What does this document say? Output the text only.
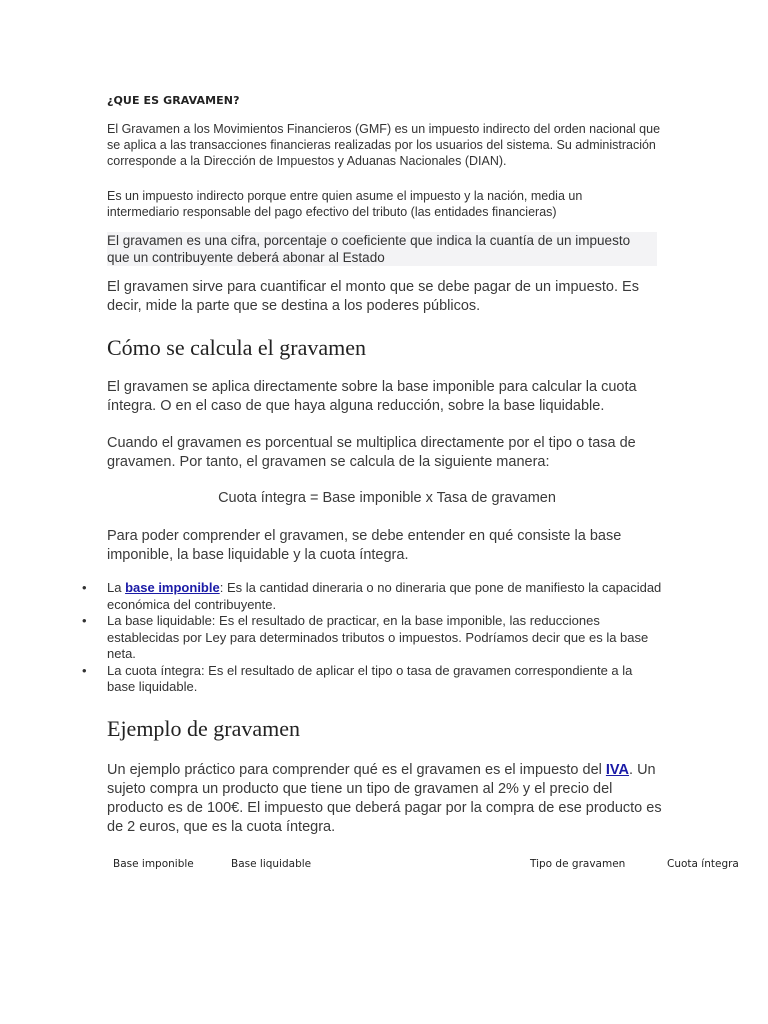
¿QUE ES GRAVAMEN?

El Gravamen a los Movimientos Financieros (GMF) es un impuesto indirecto del orden nacional que se aplica a las transacciones financieras realizadas por los usuarios del sistema. Su administración corresponde a la Dirección de Impuestos y Aduanas Nacionales (DIAN).

Es un impuesto indirecto porque entre quien asume el impuesto y la nación, media un intermediario responsable del pago efectivo del tributo (las entidades financieras)

El gravamen es una cifra, porcentaje o coeficiente que indica la cuantía de un impuesto que un contribuyente deberá abonar al Estado

El gravamen sirve para cuantificar el monto que se debe pagar de un impuesto. Es decir, mide la parte que se destina a los poderes públicos.

Cómo se calcula el gravamen

El gravamen se aplica directamente sobre la base imponible para calcular la cuota íntegra. O en el caso de que haya alguna reducción, sobre la base liquidable.

Cuando el gravamen es porcentual se multiplica directamente por el tipo o tasa de gravamen. Por tanto, el gravamen se calcula de la siguiente manera:

Cuota íntegra = Base imponible x Tasa de gravamen

Para poder comprender el gravamen, se debe entender en qué consiste la base imponible, la base liquidable y la cuota íntegra.

• La base imponible: Es la cantidad dineraria o no dineraria que pone de manifiesto la capacidad económica del contribuyente.
• La base liquidable: Es el resultado de practicar, en la base imponible, las reducciones establecidas por Ley para determinados tributos o impuestos. Podríamos decir que es la base neta.
• La cuota íntegra: Es el resultado de aplicar el tipo o tasa de gravamen correspondiente a la base liquidable.
Ejemplo de gravamen

Un ejemplo práctico para comprender qué es el gravamen es el impuesto del IVA. Un sujeto compra un producto que tiene un tipo de gravamen al 2% y el precio del producto es de 100€. El impuesto que deberá pagar por la compra de ese producto es de 2 euros, que es la cuota íntegra.

Base imponible	Base liquidable	Tipo de gravamen	Cuota íntegra
